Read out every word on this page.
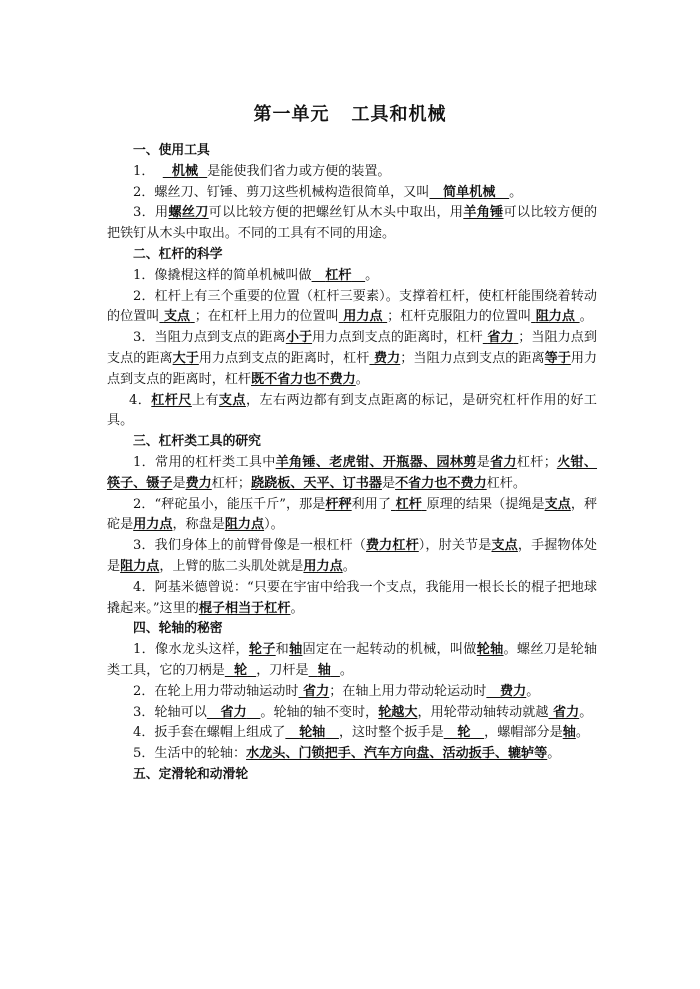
第一单元 工具和机械
一、使用工具
1． 机械 是能使我们省力或方便的装置。
2．螺丝刀、钉锤、剪刀这些机械构造很简单，又叫 简单机械 。
3．用螺丝刀可以比较方便的把螺丝钉从木头中取出，用羊角锤可以比较方便的把铁钉从木头中取出。不同的工具有不同的用途。
二、杠杆的科学
1．像撬棍这样的简单机械叫做 杠杆 。
2．杠杆上有三个重要的位置（杠杆三要素）。支撑着杠杆，使杠杆能围绕着转动的位置叫 支点 ；在杠杆上用力的位置叫 用力点 ；杠杆克服阻力的位置叫 阻力点 。
3．当阻力点到支点的距离小于用力点到支点的距离时，杠杆 省力 ；当阻力点到支点的距离大于用力点到支点的距离时，杠杆 费力；当阻力点到支点的距离等于用力点到支点的距离时，杠杆既不省力也不费力。
4．杠杆尺上有支点，左右两边都有到支点距离的标记，是研究杠杆作用的好工具。
三、杠杆类工具的研究
1．常用的杠杆类工具中羊角锤、老虎钳、开瓶器、园林剪是省力杠杆；火钳、筷子、镊子是费力杠杆；跷跷板、天平、订书器是不省力也不费力杠杆。
2．“秤砣虽小，能压千斤”，那是杆秤利用了 杠杆 原理的结果（提绳是支点，秤砣是用力点，称盘是阻力点）。
3．我们身体上的前臂骨像是一根杠杆（费力杠杆），肘关节是支点，手握物体处是阻力点，上臂的肱二头肌处就是用力点。
4．阿基米德曾说：“只要在宇宙中给我一个支点，我能用一根长长的棍子把地球撬起来。”这里的棍子相当于杠杆。
四、轮轴的秘密
1．像水龙头这样，轮子和轴固定在一起转动的机械，叫做轮轴。螺丝刀是轮轴类工具，它的刀柄是 轮 ，刀杆是 轴 。
2．在轮上用力带动轴运动时 省力；在轴上用力带动轮运动时 费力。
3．轮轴可以 省力 。轮轴的轴不变时，轮越大，用轮带动轴转动就越 省力。
4．扳手套在螺帽上组成了 轮轴 ，这时整个扳手是 轮 ，螺帽部分是轴。
5．生活中的轮轴：水龙头、门锁把手、汽车方向盘、活动扳手、辘轳等。
五、定滑轮和动滑轮
